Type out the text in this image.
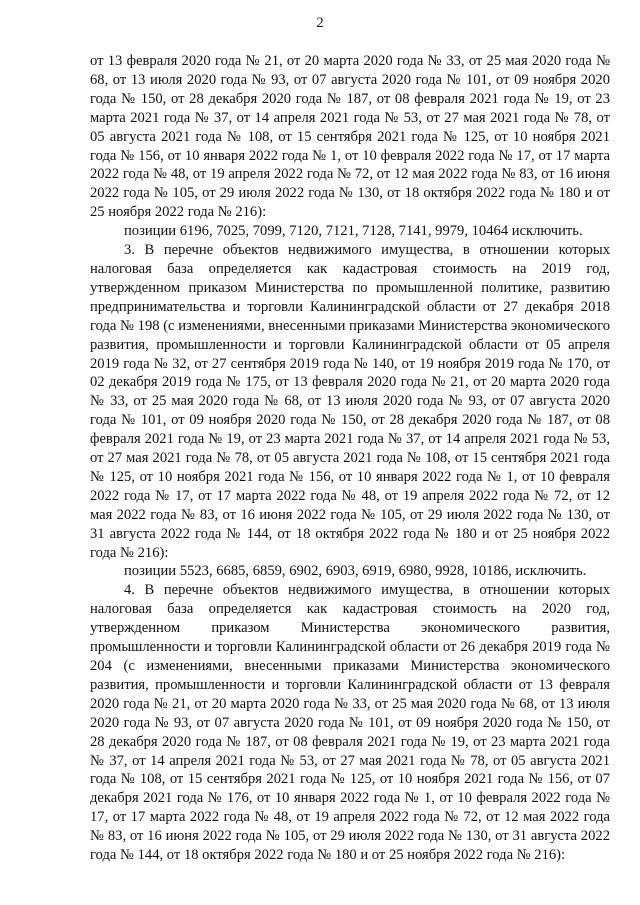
2

от 13 февраля 2020 года № 21, от 20 марта 2020 года № 33, от 25 мая 2020 года № 68, от 13 июля 2020 года № 93, от 07 августа 2020 года № 101, от 09 ноября 2020 года № 150, от 28 декабря 2020 года № 187, от 08 февраля 2021 года № 19, от 23 марта 2021 года № 37, от 14 апреля 2021 года № 53, от 27 мая 2021 года № 78, от 05 августа 2021 года № 108, от 15 сентября 2021 года № 125, от 10 ноября 2021 года № 156, от 10 января 2022 года № 1, от 10 февраля 2022 года № 17, от 17 марта 2022 года № 48, от 19 апреля 2022 года № 72, от 12 мая 2022 года № 83, от 16 июня 2022 года № 105, от 29 июля 2022 года № 130, от 18 октября 2022 года № 180 и от 25 ноября 2022 года № 216):

позиции 6196, 7025, 7099, 7120, 7121, 7128, 7141, 9979, 10464 исключить.

3. В перечне объектов недвижимого имущества, в отношении которых налоговая база определяется как кадастровая стоимость на 2019 год, утвержденном приказом Министерства по промышленной политике, развитию предпринимательства и торговли Калининградской области от 27 декабря 2018 года № 198 (с изменениями, внесенными приказами Министерства экономического развития, промышленности и торговли Калининградской области от 05 апреля 2019 года № 32, от 27 сентября 2019 года № 140, от 19 ноября 2019 года № 170, от 02 декабря 2019 года № 175, от 13 февраля 2020 года № 21, от 20 марта 2020 года № 33, от 25 мая 2020 года № 68, от 13 июля 2020 года № 93, от 07 августа 2020 года № 101, от 09 ноября 2020 года № 150, от 28 декабря 2020 года № 187, от 08 февраля 2021 года № 19, от 23 марта 2021 года № 37, от 14 апреля 2021 года № 53, от 27 мая 2021 года № 78, от 05 августа 2021 года № 108, от 15 сентября 2021 года № 125, от 10 ноября 2021 года № 156, от 10 января 2022 года № 1, от 10 февраля 2022 года № 17, от 17 марта 2022 года № 48, от 19 апреля 2022 года № 72, от 12 мая 2022 года № 83, от 16 июня 2022 года № 105, от 29 июля 2022 года № 130, от 31 августа 2022 года № 144, от 18 октября 2022 года № 180 и от 25 ноября 2022 года № 216):

позиции 5523, 6685, 6859, 6902, 6903, 6919, 6980, 9928, 10186, исключить.

4. В перечне объектов недвижимого имущества, в отношении которых налоговая база определяется как кадастровая стоимость на 2020 год, утвержденном приказом Министерства экономического развития, промышленности и торговли Калининградской области от 26 декабря 2019 года № 204 (с изменениями, внесенными приказами Министерства экономического развития, промышленности и торговли Калининградской области от 13 февраля 2020 года № 21, от 20 марта 2020 года № 33, от 25 мая 2020 года № 68, от 13 июля 2020 года № 93, от 07 августа 2020 года № 101, от 09 ноября 2020 года № 150, от 28 декабря 2020 года № 187, от 08 февраля 2021 года № 19, от 23 марта 2021 года № 37, от 14 апреля 2021 года № 53, от 27 мая 2021 года № 78, от 05 августа 2021 года № 108, от 15 сентября 2021 года № 125, от 10 ноября 2021 года № 156, от 07 декабря 2021 года № 176, от 10 января 2022 года № 1, от 10 февраля 2022 года № 17, от 17 марта 2022 года № 48, от 19 апреля 2022 года № 72, от 12 мая 2022 года № 83, от 16 июня 2022 года № 105, от 29 июля 2022 года № 130, от 31 августа 2022 года № 144, от 18 октября 2022 года № 180 и от 25 ноября 2022 года № 216):
